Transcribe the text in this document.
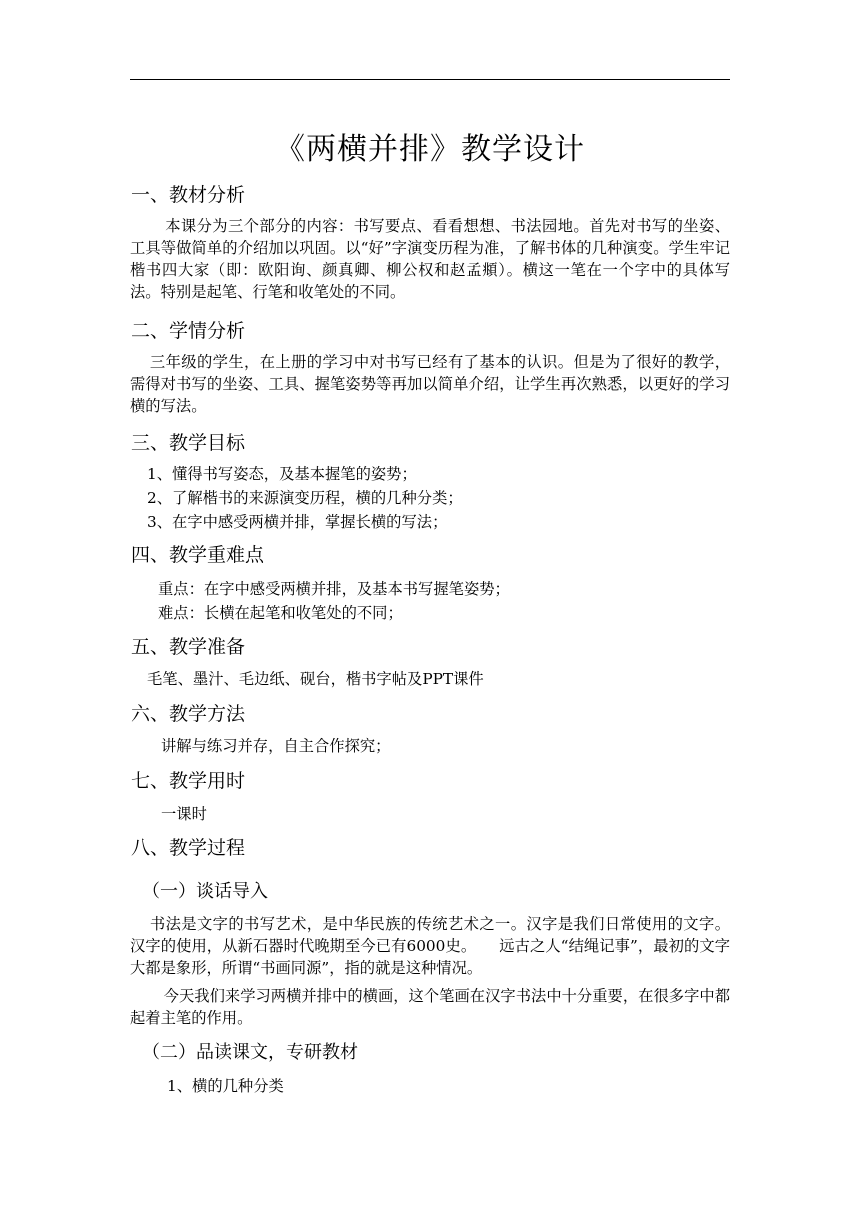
《两横并排》教学设计
一、教材分析

本课分为三个部分的内容：书写要点、看看想想、书法园地。首先对书写的坐姿、工具等做简单的介绍加以巩固。以“好”字演变历程为准，了解书体的几种演变。学生牢记楷书四大家（即：欧阳询、颜真卿、柳公权和赵孟頫）。横这一笔在一个字中的具体写法。特别是起笔、行笔和收笔处的不同。

二、学情分析

三年级的学生，在上册的学习中对书写已经有了基本的认识。但是为了很好的教学，需得对书写的坐姿、工具、握笔姿势等再加以简单介绍，让学生再次熟悉，以更好的学习横的写法。

三、教学目标
1、懂得书写姿态，及基本握笔的姿势；
2、了解楷书的来源演变历程，横的几种分类；
3、在字中感受两横并排，掌握长横的写法；
四、教学重难点
重点：在字中感受两横并排，及基本书写握笔姿势；
难点：长横在起笔和收笔处的不同；
五、教学准备
毛笔、墨汁、毛边纸、砚台，楷书字帖及PPT课件
六、教学方法
讲解与练习并存，自主合作探究；
七、教学用时
一课时
八、教学过程
（一）谈话导入

书法是文字的书写艺术，是中华民族的传统艺术之一。汉字是我们日常使用的文字。汉字的使用，从新石器时代晚期至今已有6000史。　　远古之人“结绳记事”，最初的文字大都是象形，所谓“书画同源”，指的就是这种情况。

今天我们来学习两横并排中的横画，这个笔画在汉字书法中十分重要，在很多字中都起着主笔的作用。

（二）品读课文，专研教材
1、横的几种分类
